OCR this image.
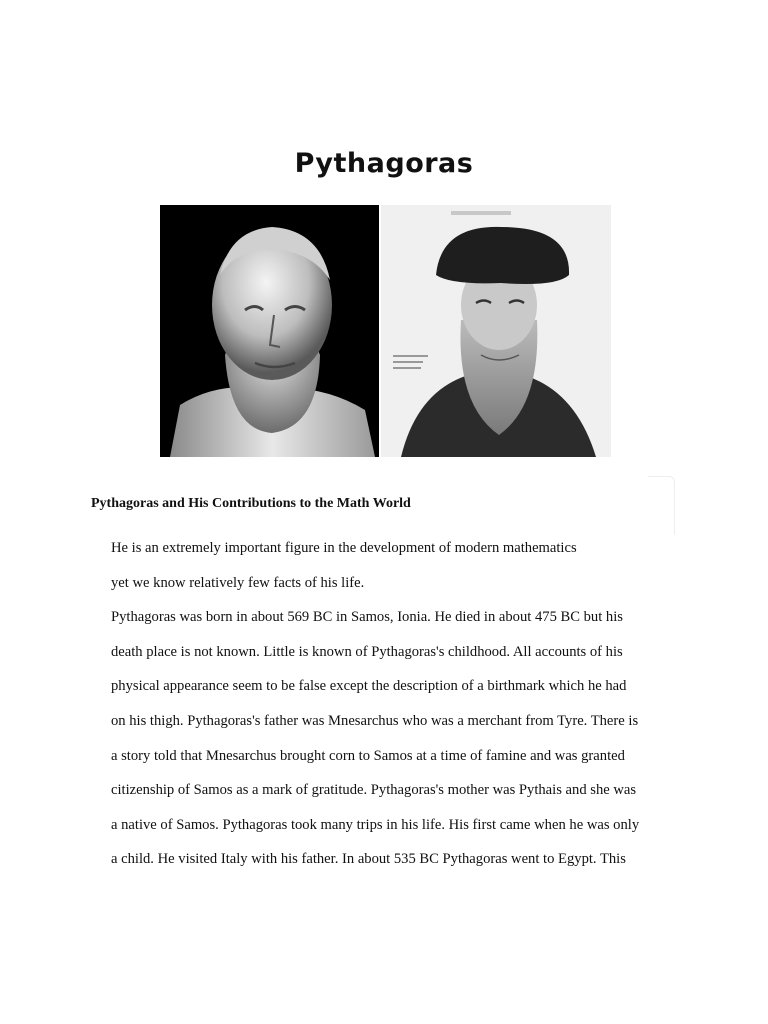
Pythagoras
Pythagoras and His Contributions to the Math World
He is an extremely important figure in the development of modern mathematics
yet we know relatively few facts of his life.
Pythagoras was born in about 569 BC in Samos, Ionia. He died in about 475 BC but his
death place is not known. Little is known of Pythagoras's childhood. All accounts of his
physical appearance seem to be false except the description of a birthmark which he had
on his thigh. Pythagoras's father was Mnesarchus who was a merchant from Tyre. There is
a story told that Mnesarchus brought corn to Samos at a time of famine and was granted
citizenship of Samos as a mark of gratitude. Pythagoras's mother was Pythais and she was
a native of Samos. Pythagoras took many trips in his life. His first came when he was only
a child. He visited Italy with his father. In about 535 BC Pythagoras went to Egypt. This
